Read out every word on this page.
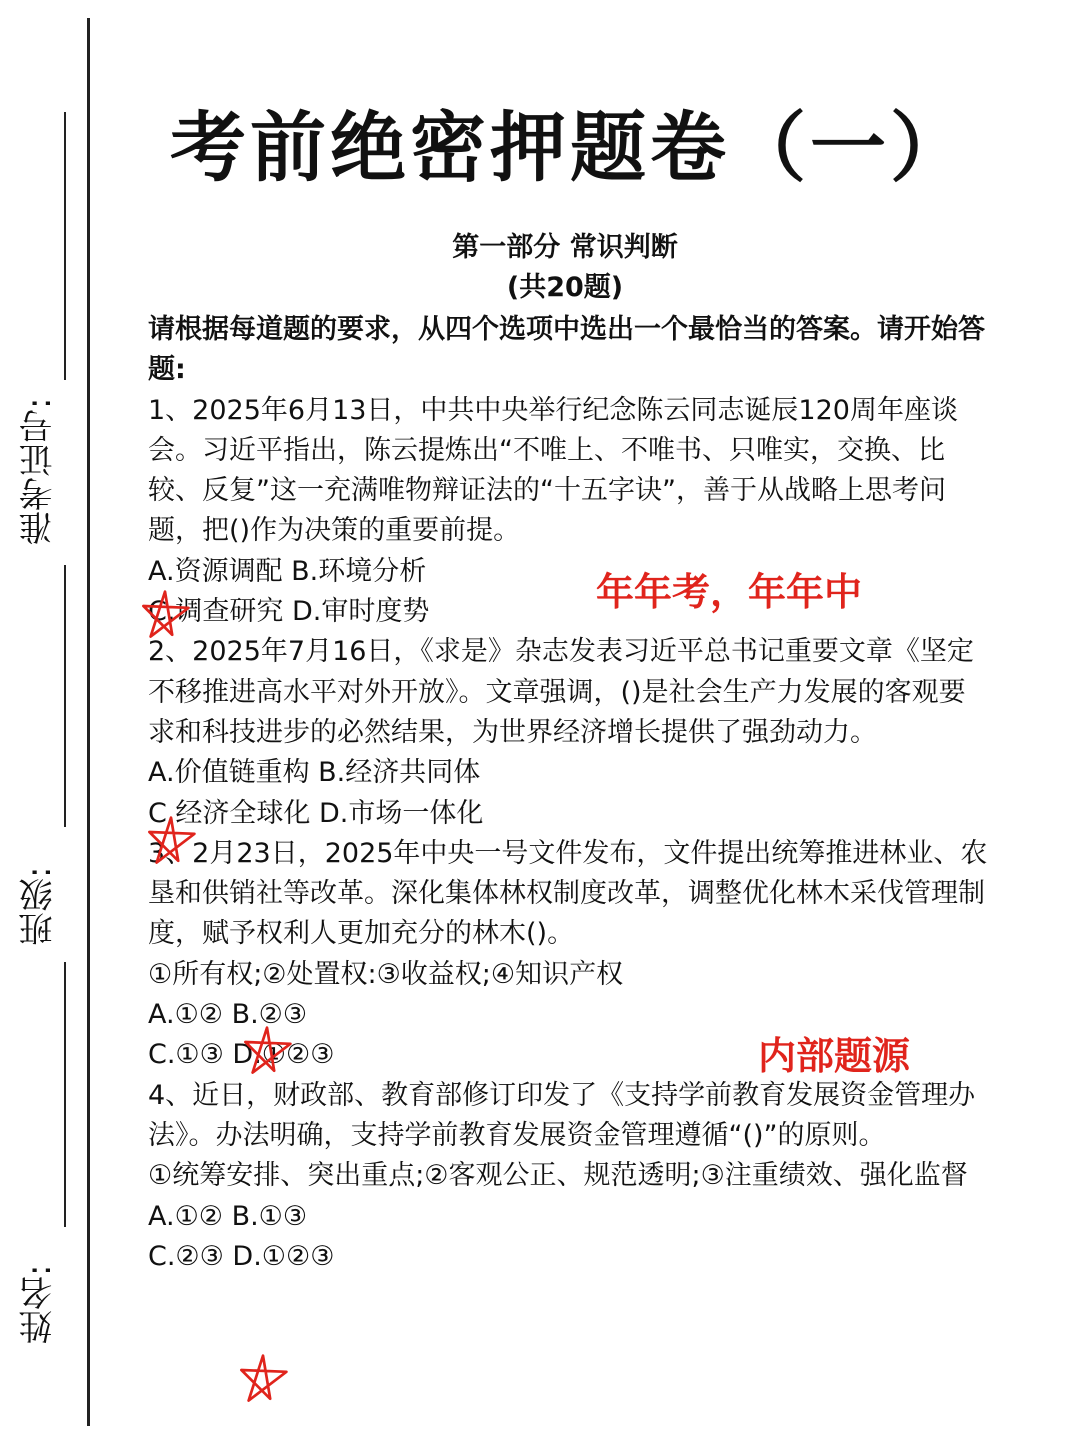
准考证号:
班级:
姓名:
考前绝密押题卷（一）
第一部分 常识判断
(共20题)

请根据每道题的要求，从四个选项中选出一个最恰当的答案。请开始答题:

1、2025年6月13日，中共中央举行纪念陈云同志诞辰120周年座谈会。习近平指出，陈云提炼出“不唯上、不唯书、只唯实，交换、比较、反复”这一充满唯物辩证法的“十五字诀”，善于从战略上思考问题，把()作为决策的重要前提。

A.资源调配 B.环境分析

C.调查研究 D.审时度势

2、2025年7月16日，《求是》杂志发表习近平总书记重要文章《坚定不移推进高水平对外开放》。文章强调，()是社会生产力发展的客观要求和科技进步的必然结果，为世界经济增长提供了强劲动力。

A.价值链重构 B.经济共同体

C.经济全球化 D.市场一体化

3、2月23日，2025年中央一号文件发布，文件提出统筹推进林业、农垦和供销社等改革。深化集体林权制度改革，调整优化林木采伐管理制度，赋予权利人更加充分的林木()。

①所有权;②处置权:③收益权;④知识产权

A.①② B.②③

C.①③ D.①②③

4、近日，财政部、教育部修订印发了《支持学前教育发展资金管理办法》。办法明确，支持学前教育发展资金管理遵循“()”的原则。

①统筹安排、突出重点;②客观公正、规范透明;③注重绩效、强化监督

A.①② B.①③

C.②③ D.①②③

年年考，年年中
内部题源
